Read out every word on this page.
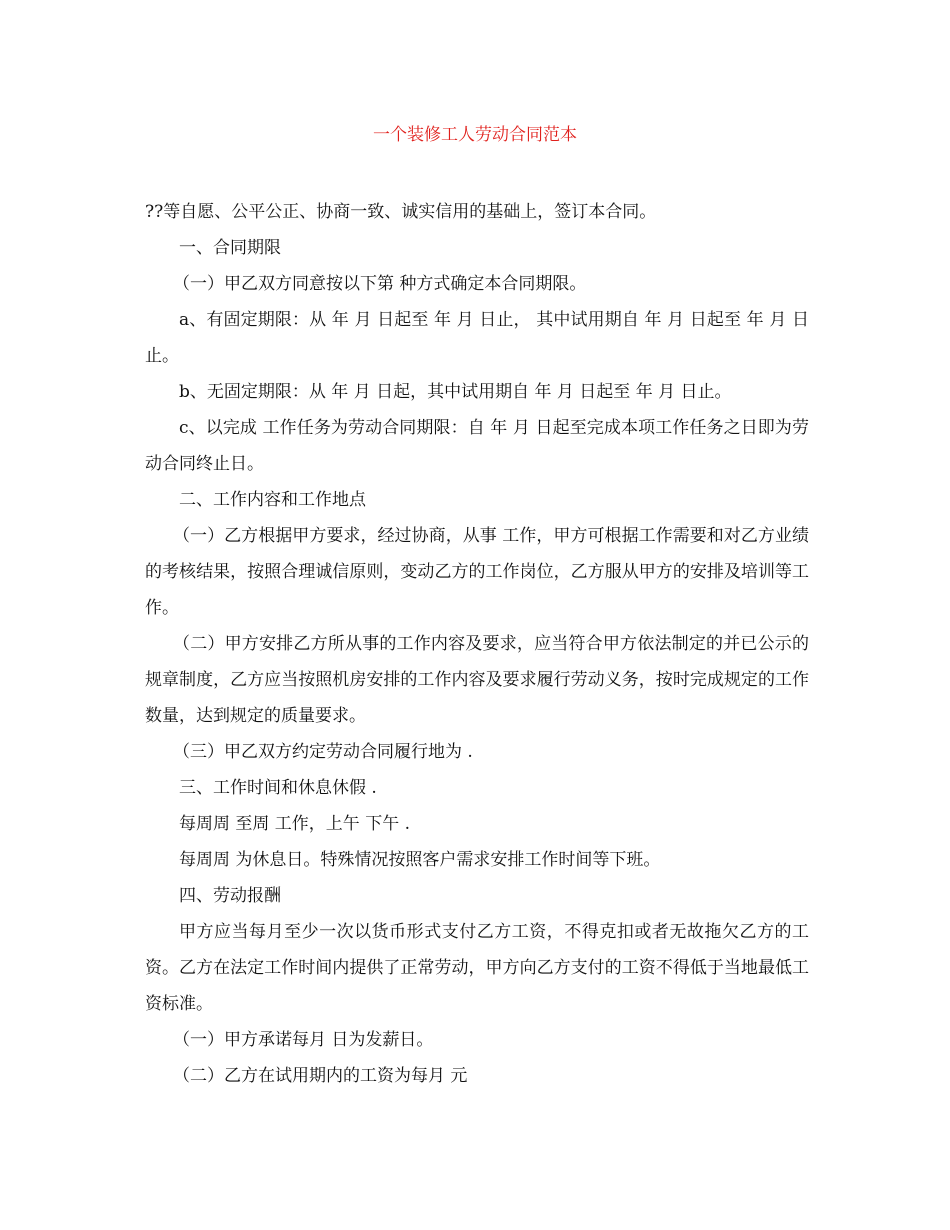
一个装修工人劳动合同范本

??等自愿、公平公正、协商一致、诚实信用的基础上，签订本合同。

一、合同期限

（一）甲乙双方同意按以下第 种方式确定本合同期限。

a、有固定期限：从 年 月 日起至 年 月 日止， 其中试用期自 年 月 日起至 年 月 日止。

b、无固定期限：从 年 月 日起，其中试用期自 年 月 日起至 年 月 日止。

c、以完成 工作任务为劳动合同期限：自 年 月 日起至完成本项工作任务之日即为劳动合同终止日。

二、工作内容和工作地点

（一）乙方根据甲方要求，经过协商，从事 工作，甲方可根据工作需要和对乙方业绩的考核结果，按照合理诚信原则，变动乙方的工作岗位，乙方服从甲方的安排及培训等工作。

（二）甲方安排乙方所从事的工作内容及要求，应当符合甲方依法制定的并已公示的规章制度，乙方应当按照机房安排的工作内容及要求履行劳动义务，按时完成规定的工作数量，达到规定的质量要求。

（三）甲乙双方约定劳动合同履行地为 .

三、工作时间和休息休假 .

每周周 至周 工作，上午 下午 .

每周周 为休息日。特殊情况按照客户需求安排工作时间等下班。

四、劳动报酬

甲方应当每月至少一次以货币形式支付乙方工资，不得克扣或者无故拖欠乙方的工资。乙方在法定工作时间内提供了正常劳动，甲方向乙方支付的工资不得低于当地最低工资标准。

（一）甲方承诺每月 日为发薪日。

（二）乙方在试用期内的工资为每月 元
